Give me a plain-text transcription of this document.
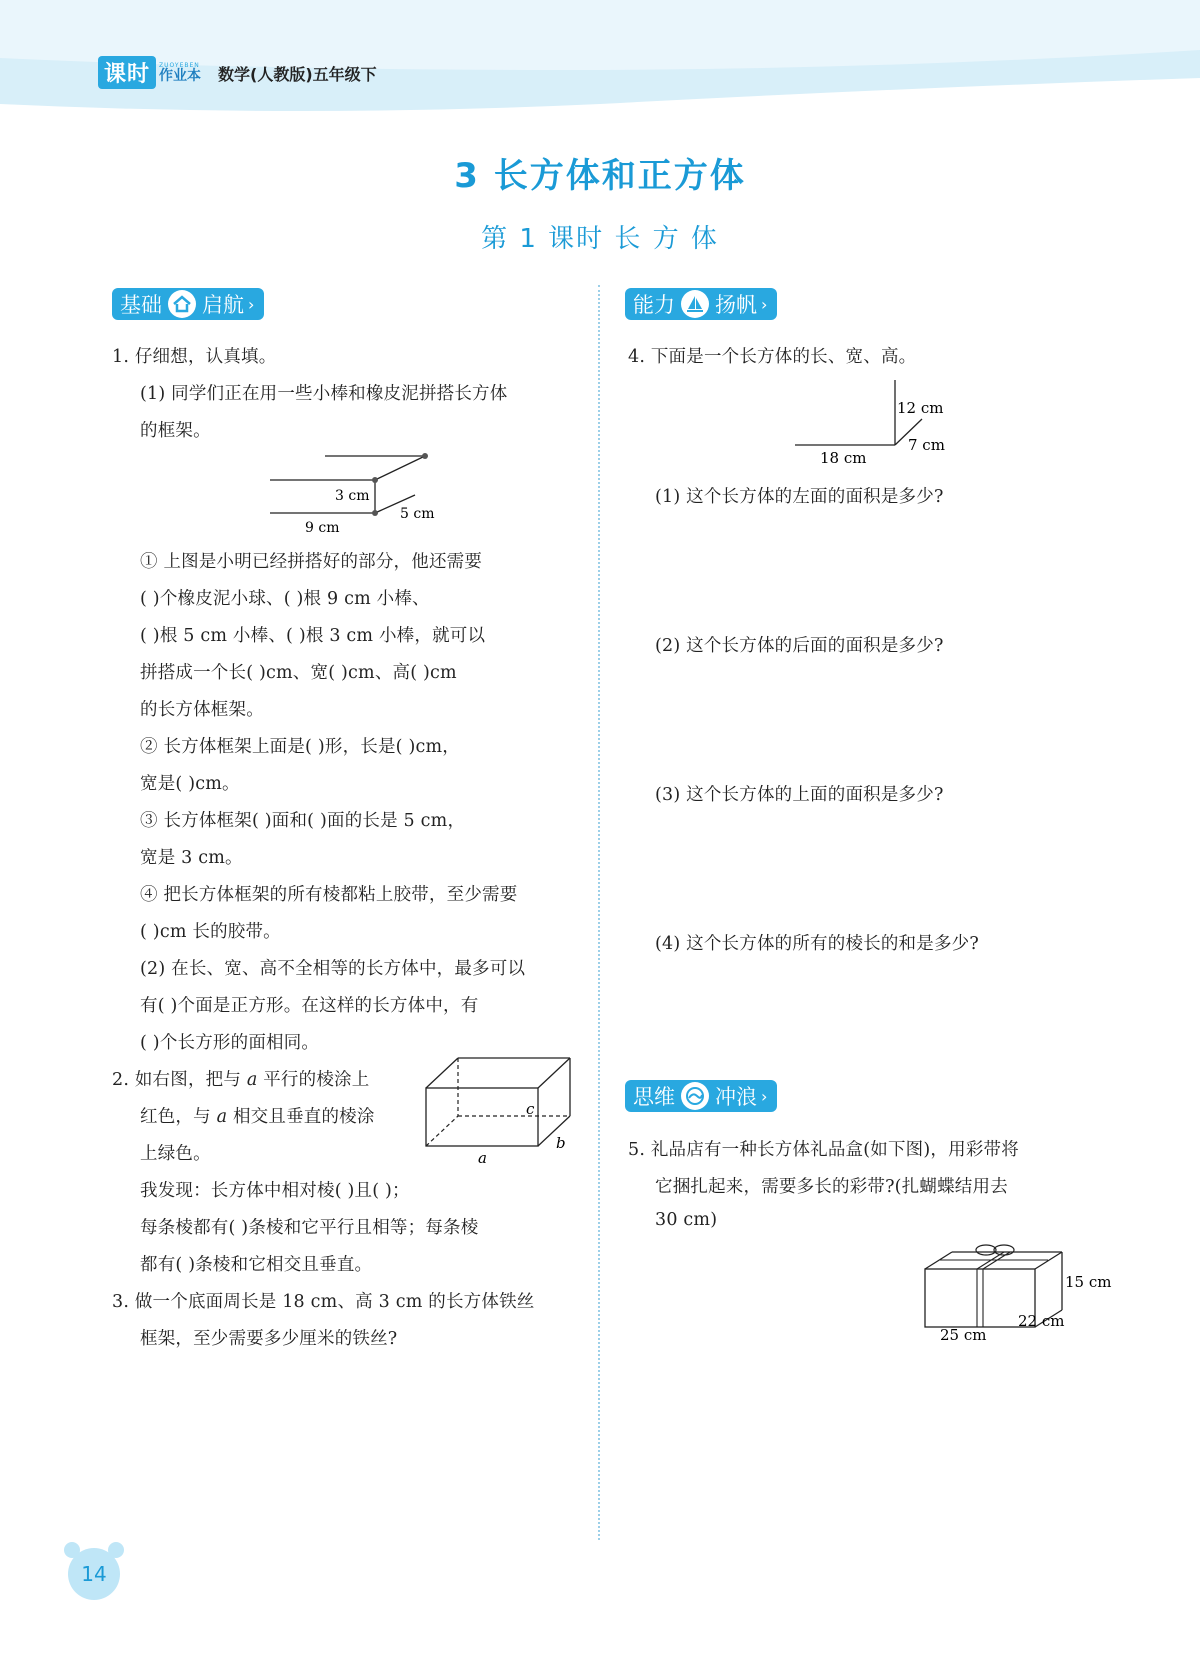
课时	ZUOYEBEN
作业本 数学(人教版)五年级下
3 长方体和正方体
第 1 课时 长 方 体
基础 启航 ›
1. 仔细想，认真填。
(1) 同学们正在用一些小棒和橡皮泥拼搭长方体
的框架。
3 cm
5 cm
9 cm
① 上图是小明已经拼搭好的部分，他还需要
( )个橡皮泥小球、( )根 9 cm 小棒、
( )根 5 cm 小棒、( )根 3 cm 小棒，就可以
拼搭成一个长( )cm、宽( )cm、高( )cm
的长方体框架。
② 长方体框架上面是( )形，长是( )cm，
宽是( )cm。
③ 长方体框架( )面和( )面的长是 5 cm，
宽是 3 cm。
④ 把长方体框架的所有棱都粘上胶带，至少需要
( )cm 长的胶带。
(2) 在长、宽、高不全相等的长方体中，最多可以
有( )个面是正方形。在这样的长方体中，有
( )个长方形的面相同。
2. 如右图，把与 a 平行的棱涂上
红色，与 a 相交且垂直的棱涂
上绿色。	a
b
c
我发现：长方体中相对棱( )且( )；
每条棱都有( )条棱和它平行且相等；每条棱
都有( )条棱和它相交且垂直。
3. 做一个底面周长是 18 cm、高 3 cm 的长方体铁丝
框架，至少需要多少厘米的铁丝?
能力 扬帆 ›
4. 下面是一个长方体的长、宽、高。
12 cm
7 cm
18 cm
(1) 这个长方体的左面的面积是多少?
(2) 这个长方体的后面的面积是多少?
(3) 这个长方体的上面的面积是多少?
(4) 这个长方体的所有的棱长的和是多少?
思维 冲浪 ›
5. 礼品店有一种长方体礼品盒(如下图)，用彩带将
它捆扎起来，需要多长的彩带?(扎蝴蝶结用去
30 cm)
15 cm
22 cm
25 cm
14
